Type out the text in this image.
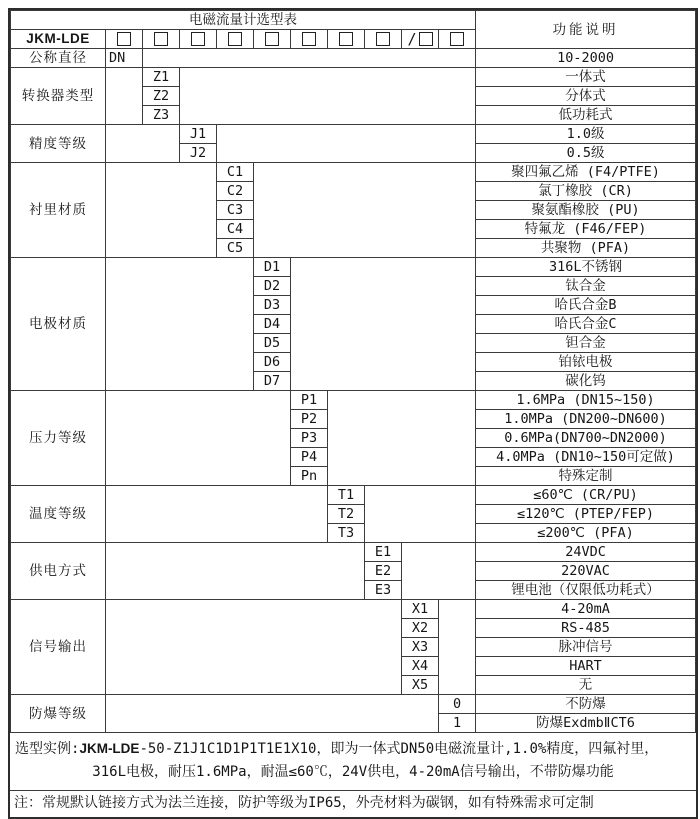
电磁流量计选型表											功能说明
JKM-LDE									/		
公称直径	DN										10-2000
转换器类型		Z1									一体式
		Z2									分体式
		Z3									低功耗式
精度等级			J1								1.0级
			J2								0.5级
衬里材质				C1							聚四氟乙烯 (F4/PTFE)
				C2							氯丁橡胶 (CR)
				C3							聚氨酯橡胶 (PU)
				C4							特氟龙 (F46/FEP)
				C5							共聚物 (PFA)
电极材质					D1						316L不锈钢
					D2						钛合金
					D3						哈氏合金B
					D4						哈氏合金C
					D5						钽合金
					D6						铂铱电极
					D7						碳化钨
压力等级						P1					1.6MPa (DN15~150)
						P2					1.0MPa (DN200~DN600)
						P3					0.6MPa(DN700~DN2000)
						P4					4.0MPa (DN10~150可定做)
						Pn					特殊定制
温度等级							T1				≤60℃ (CR/PU)
							T2				≤120℃ (PTEP/FEP)
							T3				≤200℃ (PFA)
供电方式								E1			24VDC
								E2			220VAC
								E3			锂电池（仅限低功耗式）
信号输出									X1		4-20mA
									X2		RS-485
									X3		脉冲信号
									X4		HART
									X5		无
防爆等级										0	不防爆
										1	防爆ExdmbⅡCT6
选型实例:JKM-LDE-50-Z1J1C1D1P1T1E1X10，即为一体式DN50电磁流量计,1.0%精度，四氟衬里，
316L电极，耐压1.6MPa，耐温≤60℃，24V供电，4-20mA信号输出，不带防爆功能
注：常规默认链接方式为法兰连接，防护等级为IP65，外壳材料为碳钢，如有特殊需求可定制
